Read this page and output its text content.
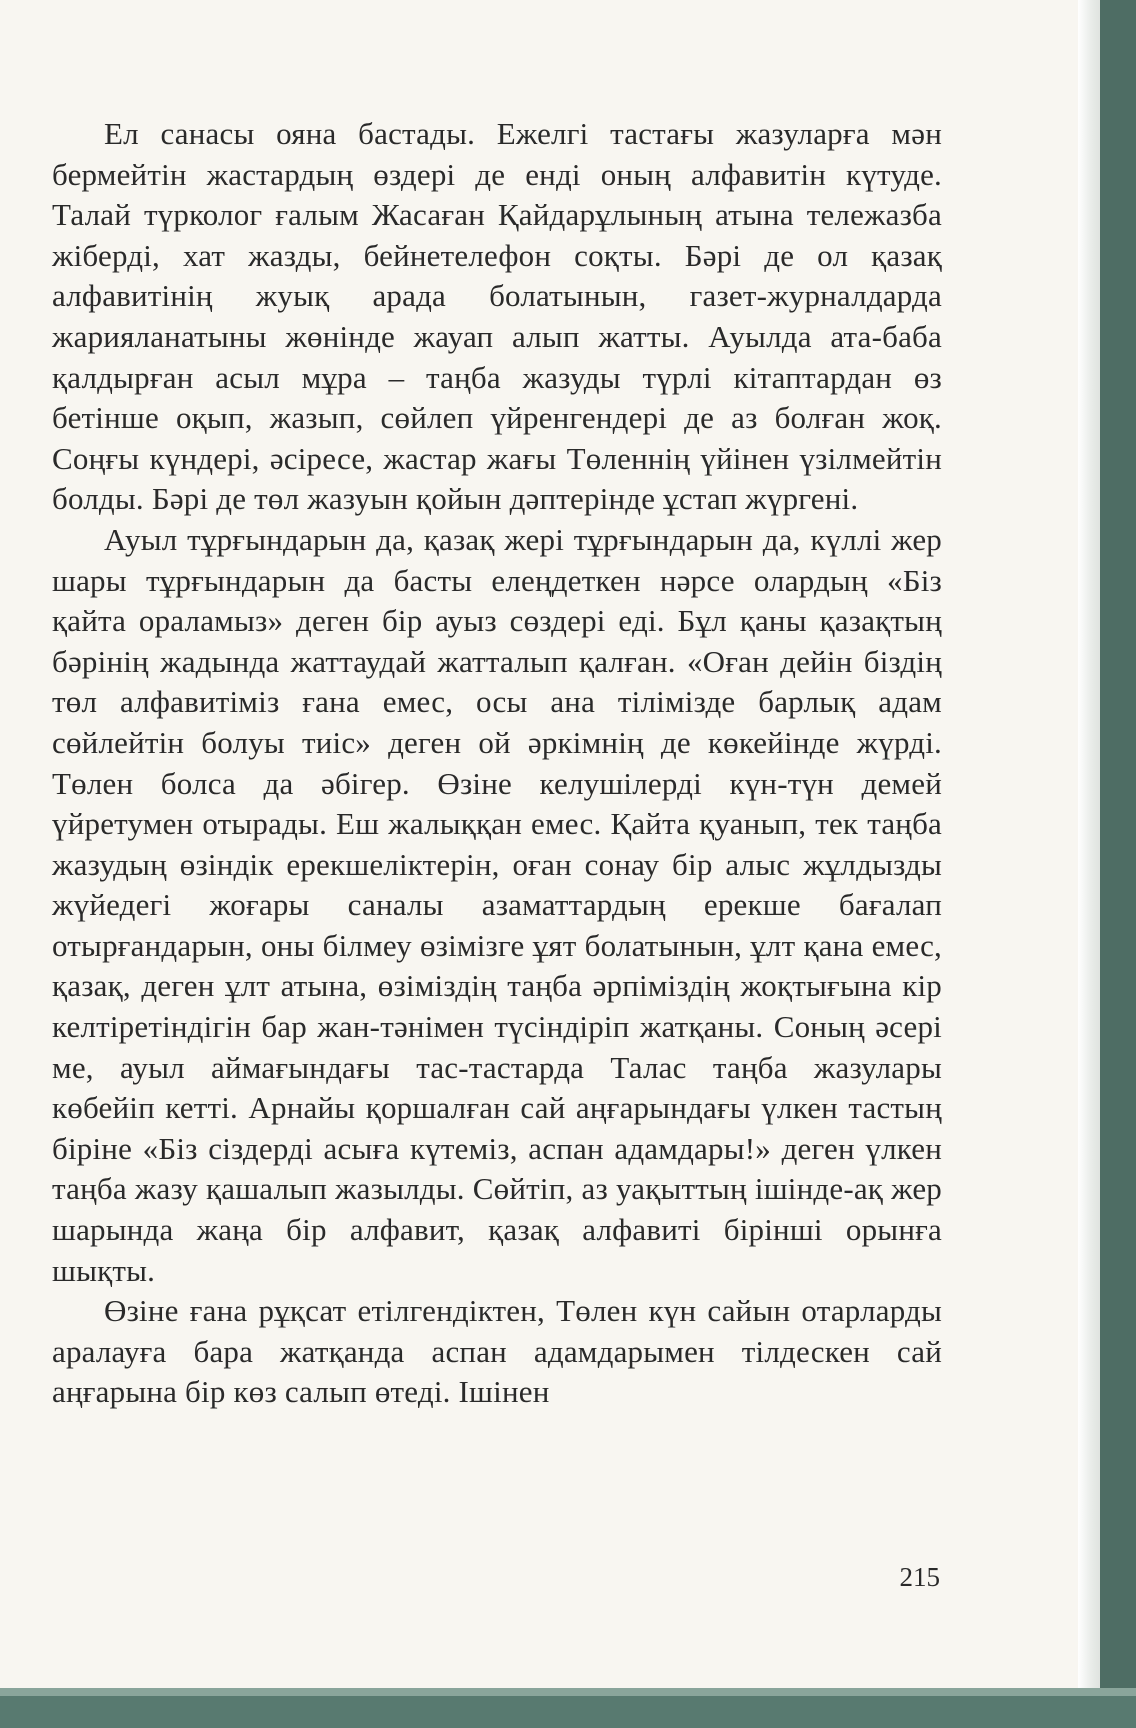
Ел санасы ояна бастады. Ежелгі тастағы жазуларға мән бермейтін жастардың өздері де енді оның алфавитін күтуде. Талай түрколог ғалым Жасаған Қайдарұлының атына тележазба жіберді, хат жазды, бейнетелефон соқты. Бәрі де ол қазақ алфавитінің жуық арада болатынын, газет-журналдарда жарияланатыны жөнінде жауап алып жатты. Ауылда ата-баба қалдырған асыл мұра – таңба жазуды түрлі кітаптардан өз бетінше оқып, жазып, сөйлеп үйренгендері де аз болған жоқ. Соңғы күндері, әсіресе, жастар жағы Төленнің үйінен үзілмейтін болды. Бәрі де төл жазуын қойын дәптерінде ұстап жүргені.

Ауыл тұрғындарын да, қазақ жері тұрғындарын да, күллі жер шары тұрғындарын да басты елеңдеткен нәрсе олардың «Біз қайта ораламыз» деген бір ауыз сөздері еді. Бұл қаны қазақтың бәрінің жадында жаттаудай жатталып қалған. «Оған дейін біздің төл алфавитіміз ғана емес, осы ана тілімізде барлық адам сөйлейтін болуы тиіс» деген ой әркімнің де көкейінде жүрді. Төлен болса да әбігер. Өзіне келушілерді күн-түн демей үйретумен отырады. Еш жалыққан емес. Қайта қуанып, тек таңба жазудың өзіндік ерекшеліктерін, оған сонау бір алыс жұлдызды жүйедегі жоғары саналы азаматтардың ерекше бағалап отырғандарын, оны білмеу өзімізге ұят болатынын, ұлт қана емес, қазақ, деген ұлт атына, өзіміздің таңба әрпіміздің жоқтығына кір келтіретіндігін бар жан-тәнімен түсіндіріп жатқаны. Соның әсері ме, ауыл аймағындағы тас-тастарда Талас таңба жазулары көбейіп кетті. Арнайы қоршалған сай аңғарындағы үлкен тастың біріне «Біз сіздерді асыға күтеміз, аспан адамдары!» деген үлкен таңба жазу қашалып жазылды. Сөйтіп, аз уақыттың ішінде-ақ жер шарында жаңа бір алфавит, қазақ алфавиті бірінші орынға шықты.

Өзіне ғана рұқсат етілгендіктен, Төлен күн сайын отарларды аралауға бара жатқанда аспан адамдарымен тілдескен сай аңғарына бір көз салып өтеді. Ішінен

215
